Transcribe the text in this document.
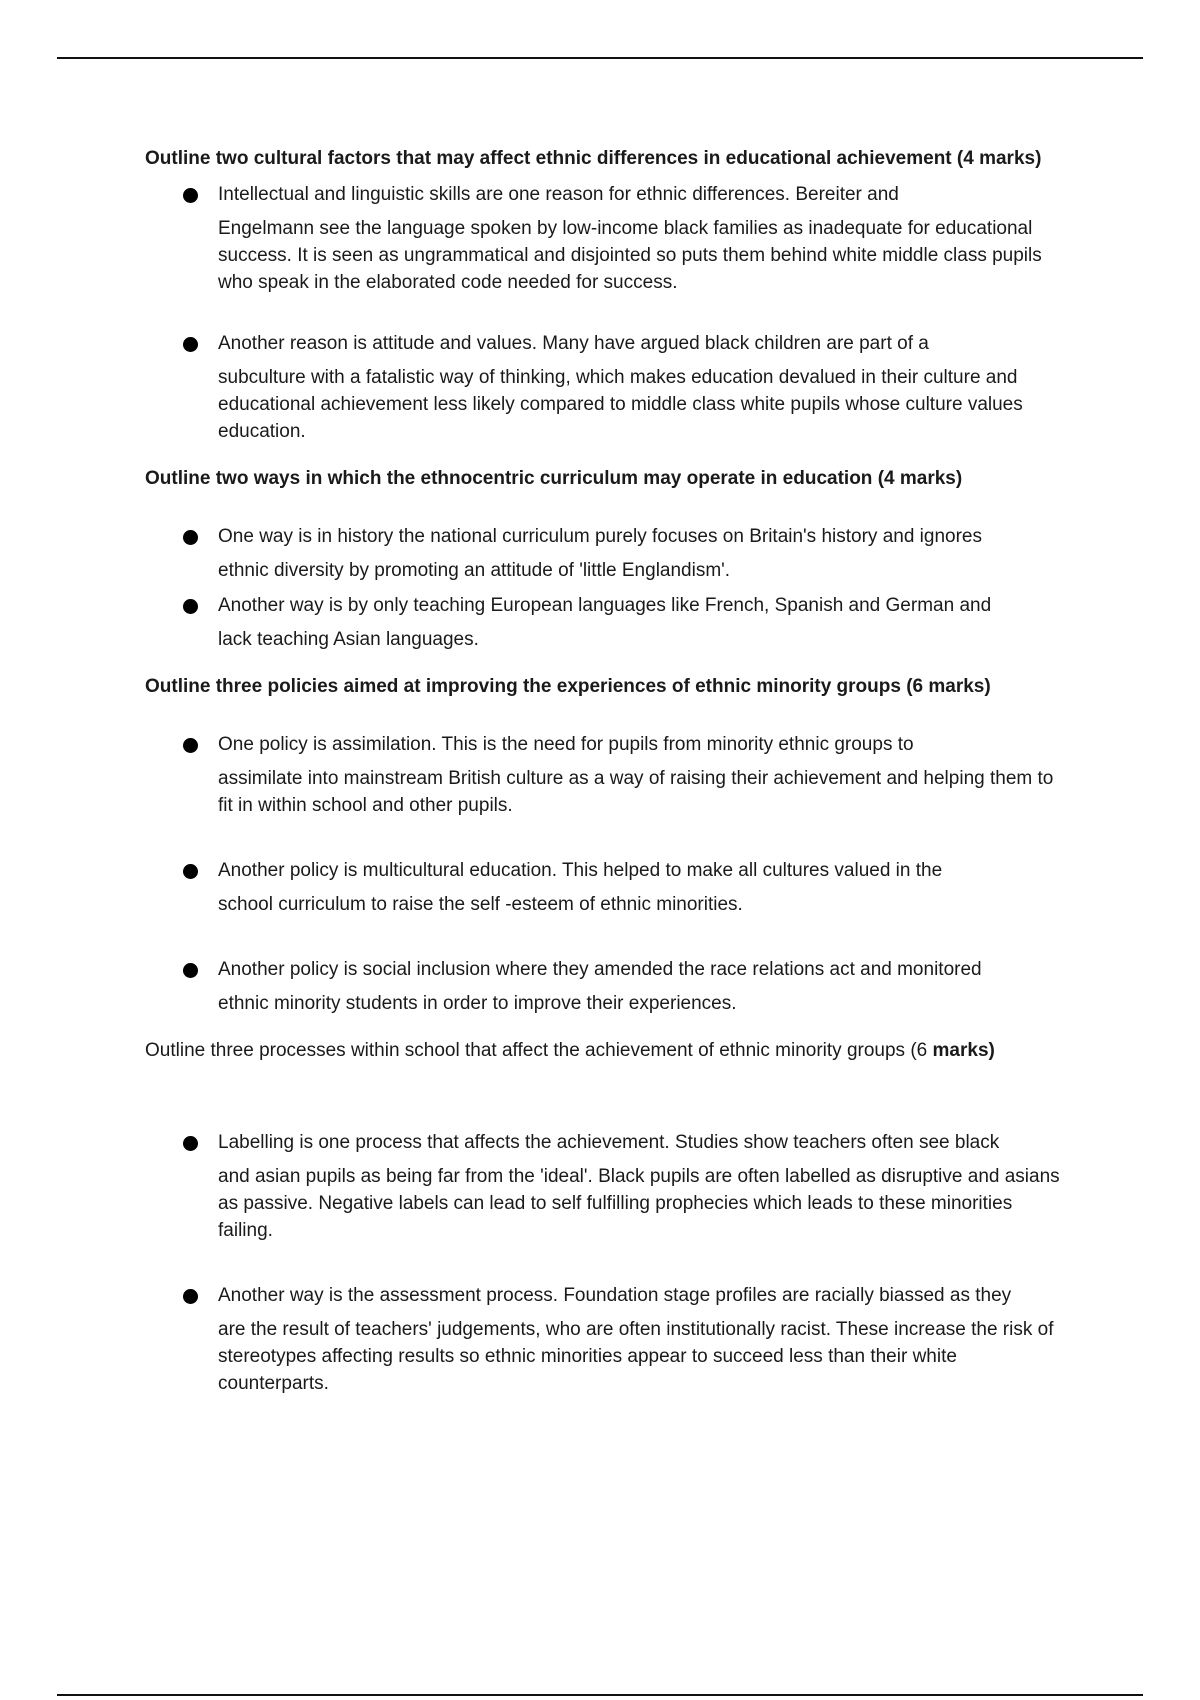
Outline two cultural factors that may affect ethnic differences in educational achievement (4 marks)

Intellectual and linguistic skills are one reason for ethnic differences. Bereiter and
Engelmann see the language spoken by low-income black families as inadequate for educational success. It is seen as ungrammatical and disjointed so puts them behind white middle class pupils who speak in the elaborated code needed for success.
Another reason is attitude and values. Many have argued black children are part of a
subculture with a fatalistic way of thinking, which makes education devalued in their culture and educational achievement less likely compared to middle class white pupils whose culture values education.

Outline two ways in which the ethnocentric curriculum may operate in education (4 marks)

One way is in history the national curriculum purely focuses on Britain's history and ignores
ethnic diversity by promoting an attitude of 'little Englandism'.
Another way is by only teaching European languages like French, Spanish and German and
lack teaching Asian languages.

Outline three policies aimed at improving the experiences of ethnic minority groups (6 marks)

One policy is assimilation. This is the need for pupils from minority ethnic groups to
assimilate into mainstream British culture as a way of raising their achievement and helping them to fit in within school and other pupils.
Another policy is multicultural education. This helped to make all cultures valued in the
school curriculum to raise the self -esteem of ethnic minorities.
Another policy is social inclusion where they amended the race relations act and monitored
ethnic minority students in order to improve their experiences.

Outline three processes within school that affect the achievement of ethnic minority groups (6 marks)

Labelling is one process that affects the achievement. Studies show teachers often see black
and asian pupils as being far from the 'ideal'. Black pupils are often labelled as disruptive and asians as passive. Negative labels can lead to self fulfilling prophecies which leads to these minorities failing.
Another way is the assessment process. Foundation stage profiles are racially biassed as they
are the result of teachers' judgements, who are often institutionally racist. These increase the risk of stereotypes affecting results so ethnic minorities appear to succeed less than their white counterparts.
